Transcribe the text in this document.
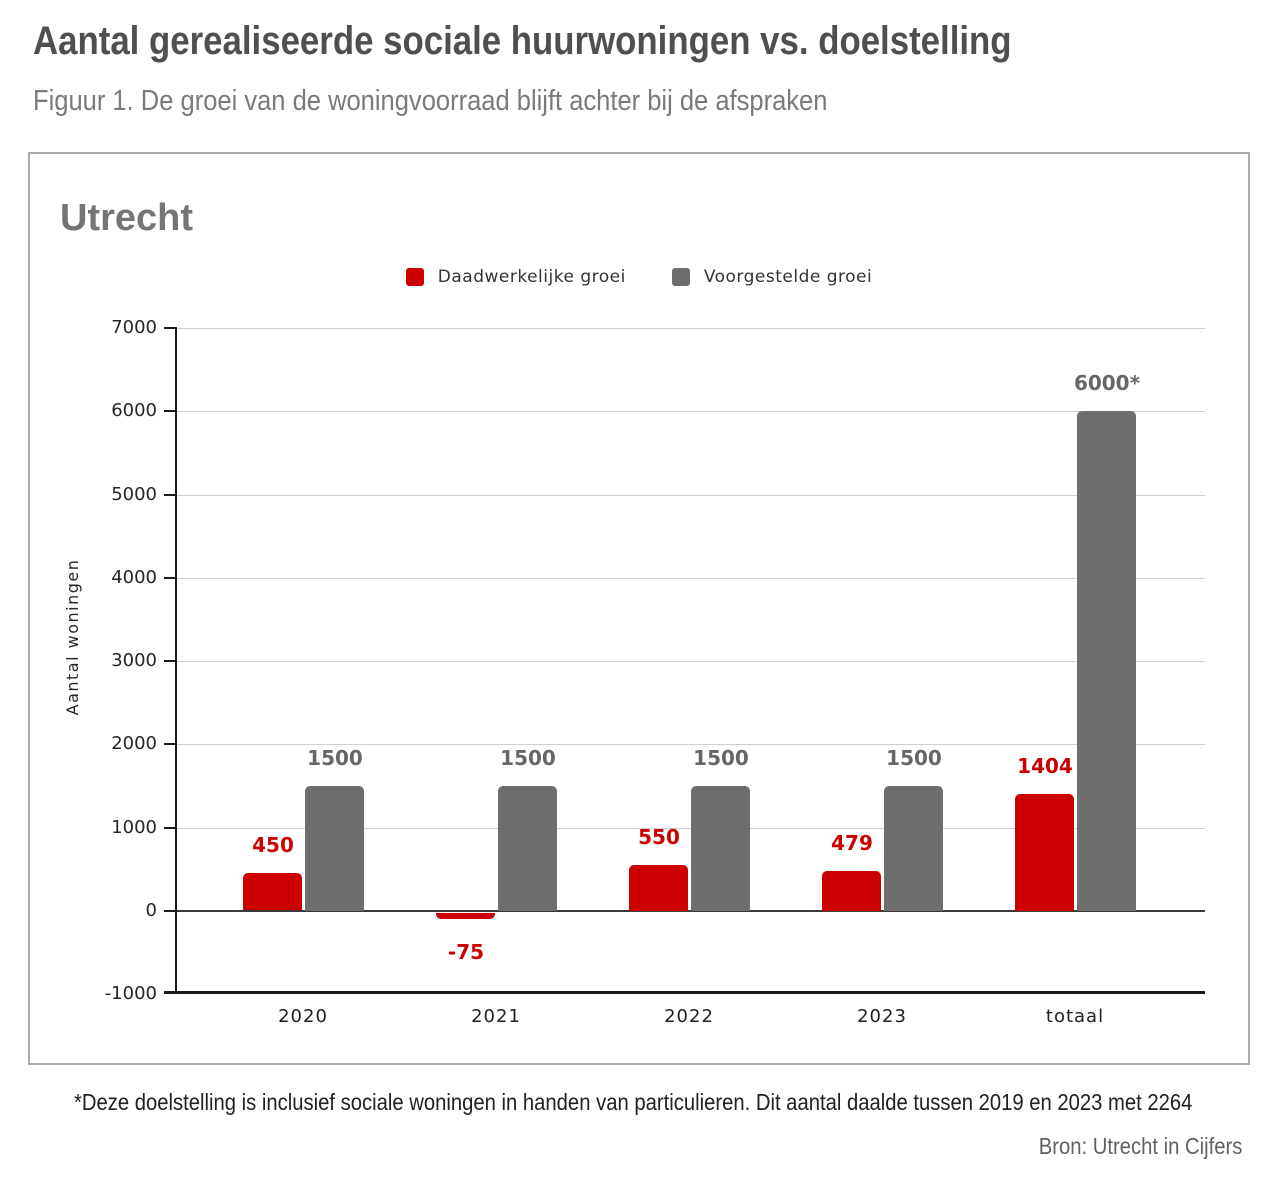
Aantal gerealiseerde sociale huurwoningen vs. doelstelling
Figuur 1. De groei van de woningvoorraad blijft achter bij de afspraken
Utrecht
Daadwerkelijke groei	Voorgestelde groei
Aantal woningen
7000
6000
5000
4000
3000
2000
1000
0
-1000
450
1500
2020
-75
1500
2021
550
1500
2022
479
1500
2023
1404
6000*
totaal
*Deze doelstelling is inclusief sociale woningen in handen van particulieren. Dit aantal daalde tussen 2019 en 2023 met 2264
Bron: Utrecht in Cijfers
